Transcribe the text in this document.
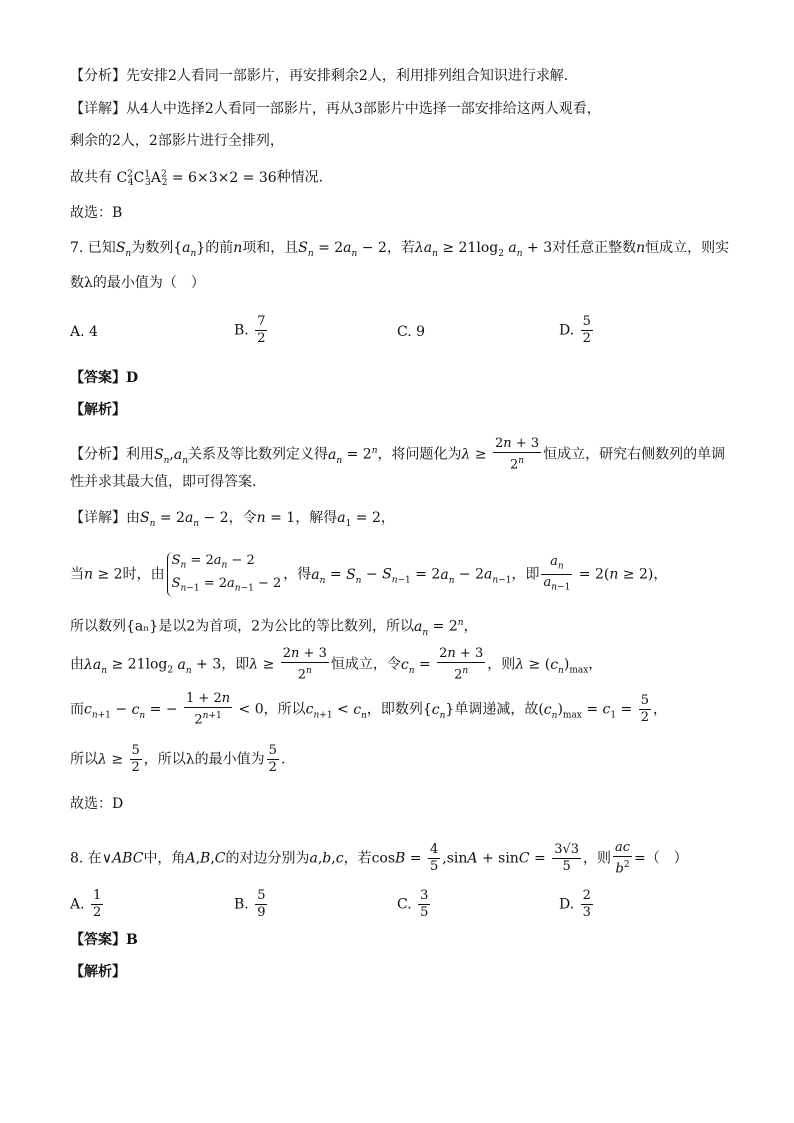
【分析】先安排2人看同一部影片，再安排剩余2人，利用排列组合知识进行求解.
【详解】从4人中选择2人看同一部影片，再从3部影片中选择一部安排给这两人观看，
剩余的2人，2部影片进行全排列，
故共有 $C^2_4C^1_3A^2_2 = 6\times 3\times 2 = 36$种情况.
故选：B
7. 已知$S_n$为数列$\{a_n\}$的前n项和，且$S_n = 2a_n - 2$，若$\lambda a_n \ge 21\log_2$ $a_n + 3$对任意正整数n恒成立，则实
数λ的最小值为（　）
A. 4	B. $\frac{7}{2}$	C. 9	D. $\frac{5}{2}$
【答案】D
【解析】
【分析】利用$S_n,a_n$关系及等比数列定义得$a_n = 2^n$，将问题化为$\lambda \ge \frac{2n + 3}{2^n}$ 恒成立，研究右侧数列的单调
性并求其最大值，即可得答案.
【详解】由$S_n = 2a_n - 2$，令n = 1，解得$a_1 = 2$，
当n ≥ 2时，由
$S_n = 2a_n - 2$
$S_{n-1} = 2a_{n-1} - 2$
，得$a_n = S_n - S_{n-1} = 2a_n - 2a_{n-1}$，即 $\frac{a_n}{a_{n-1}} = 2(n \ge 2)$，
所以数列{aₙ}是以2为首项，2为公比的等比数列，所以$a_n = 2^n$，
由$\lambda a_n \ge 21\log_2$ $a_n + 3$，即$\lambda \ge \frac{2n + 3}{2^n}$ 恒成立，令$c_n = \frac{2n + 3}{2^n}$ ，则$\lambda \ge (c_n)_{max}$，
而$c_{n+1} - c_n$ = − $\frac{1 + 2n}{2^{n+1}} < 0$，所以$c_{n+1} < c_n$，即数列$\{c_n\}$单调递减，故$(c_n)_{max} = c_1 = \frac{5}{2}$ ，
所以$\lambda \ge \frac{5}{2}$ ，所以λ的最小值为 $\frac{5}{2}$ .
故选：D
8. 在∨ABC中，角A,B,C的对边分别为a,b,c，若$\cos B = \frac{4}{5} ,\sin A + \sin C = \frac{3√3}{5}$ ，则 $\frac{ac}{b^2}$ =（　）
A. $\frac{1}{2}$	B. $\frac{5}{9}$	C. $\frac{3}{5}$	D. $\frac{2}{3}$
【答案】B
【解析】
